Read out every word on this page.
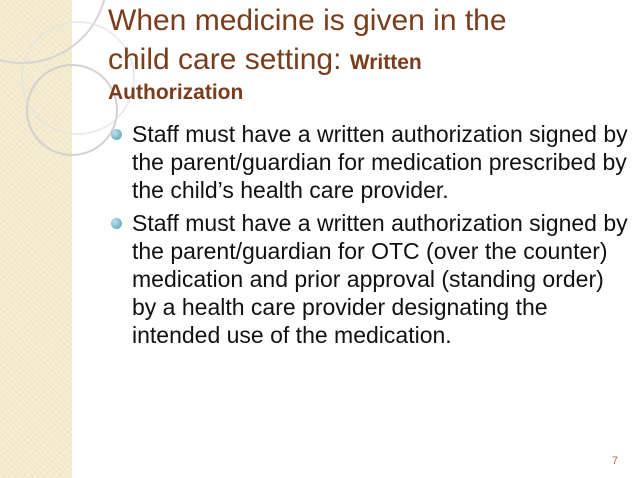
When medicine is given in the
child care setting: Written
Authorization
Staff must have a written authorization signed by the parent/guardian for medication prescribed by the child’s health care provider.
Staff must have a written authorization signed by the parent/guardian for OTC (over the counter) medication and prior approval (standing order) by a health care provider designating the intended use of the medication.
7
